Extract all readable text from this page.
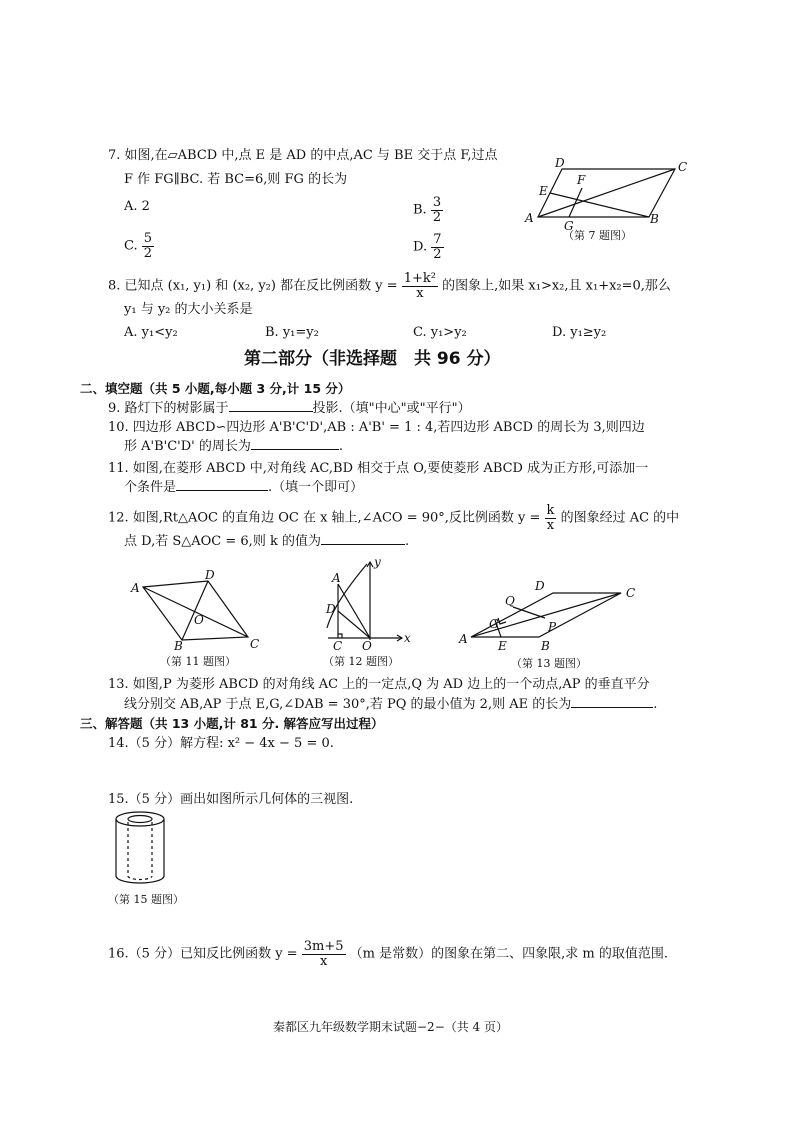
7. 如图,在▱ABCD 中,点 E 是 AD 的中点,AC 与 BE 交于点 F,过点
F 作 FG∥BC. 若 BC=6,则 FG 的长为
A. 2	B. $\frac{3}{2}$
C. $\frac{5}{2}$	D. $\frac{7}{2}$
A	B
C
D
E
F
G
（第 7 题图）
8. 已知点 (x₁, y₁) 和 (x₂, y₂) 都在反比例函数 $y = \frac{\text{1+k²}}{x}$ 的图象上,如果 x₁>x₂,且 x₁+x₂=0,那么
y₁ 与 y₂ 的大小关系是
A. y₁<y₂	B. y₁=y₂	C. y₁>y₂	D. y₁≥y₂
第二部分（非选择题　共 96 分）
二、填空题（共 5 小题,每小题 3 分,计 15 分）
9. 路灯下的树影属于	投影.（填"中心"或"平行"）
10. 四边形 ABCD∽四边形 A'B'C'D',AB : A'B' = 1 : 4,若四边形 ABCD 的周长为 3,则四边
形 A'B'C'D' 的周长为	.
11. 如图,在菱形 ABCD 中,对角线 AC,BD 相交于点 O,要使菱形 ABCD 成为正方形,可添加一
个条件是	.（填一个即可）
12. 如图,Rt△AOC 的直角边 OC 在 x 轴上,∠ACO = 90°,反比例函数 $y = \frac{k}{x}$ 的图象经过 AC 的中
点 D,若 S△AOC = 6,则 k 的值为	.
A
D
C
B
O
（第 11 题图）
A
D
C O
x
y
（第 12 题图）
A
D	C
B
Q
P
G
E
（第 13 题图）
13. 如图,P 为菱形 ABCD 的对角线 AC 上的一定点,Q 为 AD 边上的一个动点,AP 的垂直平分
线分别交 AB,AP 于点 E,G,∠DAB = 30°,若 PQ 的最小值为 2,则 AE 的长为	.
三、解答题（共 13 小题,计 81 分. 解答应写出过程）
14.（5 分）解方程: x² − 4x − 5 = 0.
15.（5 分）画出如图所示几何体的三视图.
（第 15 题图）
16.（5 分）已知反比例函数 $y = \frac{3m+5}{x} (m$ 是常数）的图象在第二、四象限,求 m 的取值范围.
秦都区九年级数学期末试题−2−（共 4 页）
